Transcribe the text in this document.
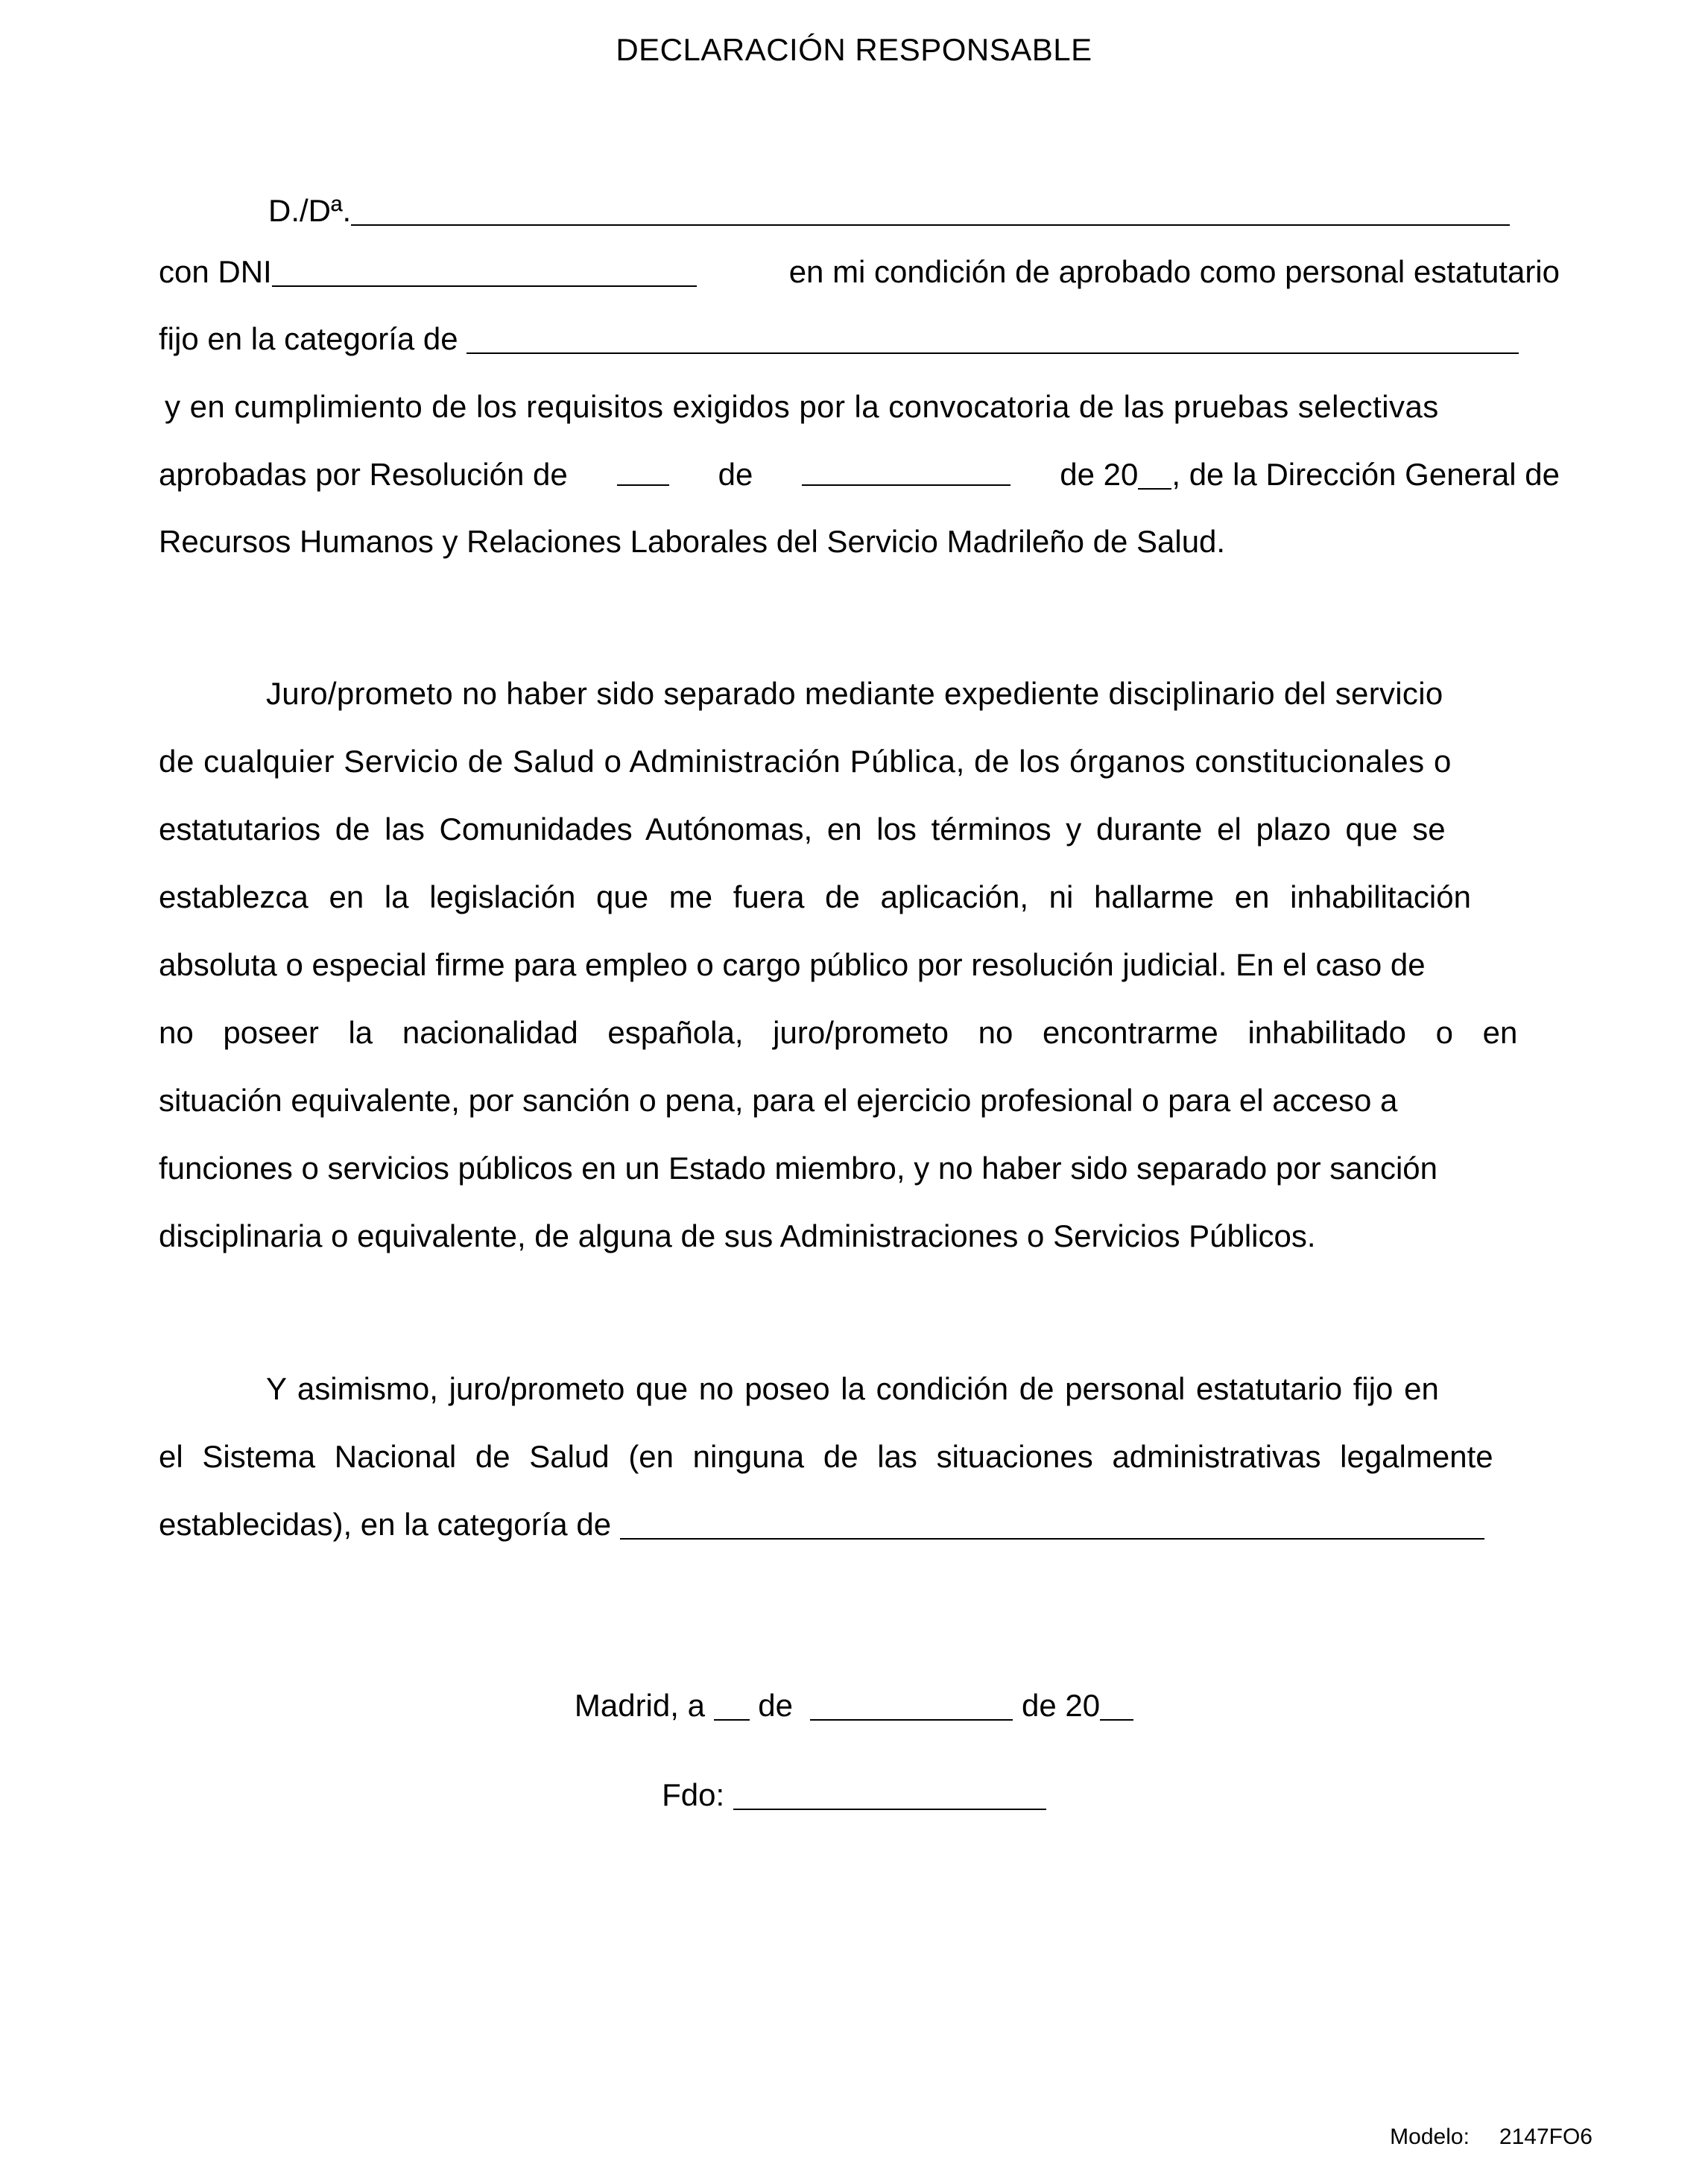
DECLARACIÓN RESPONSABLE
D./Dª.
con DNI	en mi condición de aprobado como personal estatutario
fijo en la categoría de
y en cumplimiento de los requisitos exigidos por la convocatoria de las pruebas selectivas
aprobadas por Resolución de	de	de 20 , de la Dirección General de
Recursos Humanos y Relaciones Laborales del Servicio Madrileño de Salud.
Juro/prometo no haber sido separado mediante expediente disciplinario del servicio
de cualquier Servicio de Salud o Administración Pública, de los órganos constitucionales o
estatutarios de las Comunidades Autónomas, en los términos y durante el plazo que se
establezca en la legislación que me fuera de aplicación, ni hallarme en inhabilitación
absoluta o especial firme para empleo o cargo público por resolución judicial. En el caso de
no poseer la nacionalidad española, juro/prometo no encontrarme inhabilitado o en
situación equivalente, por sanción o pena, para el ejercicio profesional o para el acceso a
funciones o servicios públicos en un Estado miembro, y no haber sido separado por sanción
disciplinaria o equivalente, de alguna de sus Administraciones o Servicios Públicos.
Y asimismo, juro/prometo que no poseo la condición de personal estatutario fijo en
el Sistema Nacional de Salud (en ninguna de las situaciones administrativas legalmente
establecidas), en la categoría de
Madrid, a de	de 20
Fdo:
Modelo: 2147FO6
